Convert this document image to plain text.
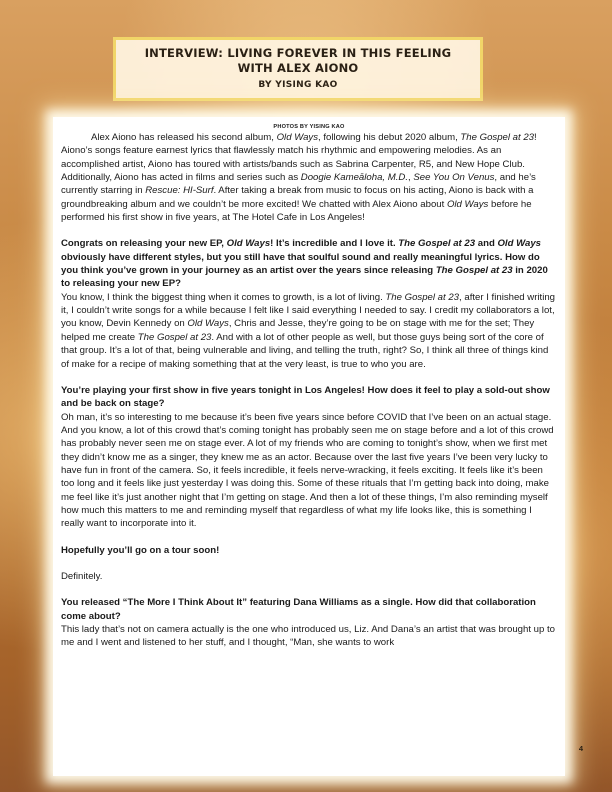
INTERVIEW: LIVING FOREVER IN THIS FEELING

WITH ALEX AIONO

BY YISING KAO

PHOTOS BY YISING KAO

Alex Aiono has released his second album, Old Ways, following his debut 2020 album, The Gospel at 23! Aiono’s songs feature earnest lyrics that flawlessly match his rhythmic and empowering melodies. As an accomplished artist, Aiono has toured with artists/bands such as Sabrina Carpenter, R5, and New Hope Club. Additionally, Aiono has acted in films and series such as Doogie Kameāloha, M.D., See You On Venus, and he’s currently starring in Rescue: HI-Surf. After taking a break from music to focus on his acting, Aiono is back with a groundbreaking album and we couldn’t be more excited! We chatted with Alex Aiono about Old Ways before he performed his first show in five years, at The Hotel Cafe in Los Angeles!

Congrats on releasing your new EP, Old Ways! It’s incredible and I love it. The Gospel at 23 and Old Ways obviously have different styles, but you still have that soulful sound and really meaningful lyrics. How do you think you’ve grown in your journey as an artist over the years since releasing The Gospel at 23 in 2020 to releasing your new EP?

You know, I think the biggest thing when it comes to growth, is a lot of living. The Gospel at 23, after I finished writing it, I couldn’t write songs for a while because I felt like I said everything I needed to say. I credit my collaborators a lot, you know, Devin Kennedy on Old Ways, Chris and Jesse, they’re going to be on stage with me for the set; They helped me create The Gospel at 23. And with a lot of other people as well, but those guys being sort of the core of that group. It’s a lot of that, being vulnerable and living, and telling the truth, right? So, I think all three of things kind of make for a recipe of making something that at the very least, is true to who you are.

You’re playing your first show in five years tonight in Los Angeles! How does it feel to play a sold-out show and be back on stage?

Oh man, it’s so interesting to me because it’s been five years since before COVID that I’ve been on an actual stage. And you know, a lot of this crowd that’s coming tonight has probably seen me on stage before and a lot of this crowd has probably never seen me on stage ever. A lot of my friends who are coming to tonight’s show, when we first met they didn’t know me as a singer, they knew me as an actor. Because over the last five years I’ve been very lucky to have fun in front of the camera. So, it feels incredible, it feels nerve-wracking, it feels exciting. It feels like it’s been too long and it feels like just yesterday I was doing this. Some of these rituals that I’m getting back into doing, make me feel like it’s just another night that I’m getting on stage. And then a lot of these things, I’m also reminding myself how much this matters to me and reminding myself that regardless of what my life looks like, this is something I really want to incorporate into it.

Hopefully you’ll go on a tour soon!

Definitely.

You released “The More I Think About It” featuring Dana Williams as a single. How did that collaboration come about?

This lady that’s not on camera actually is the one who introduced us, Liz. And Dana’s an artist that was brought up to me and I went and listened to her stuff, and I thought, “Man, she wants to work

4
